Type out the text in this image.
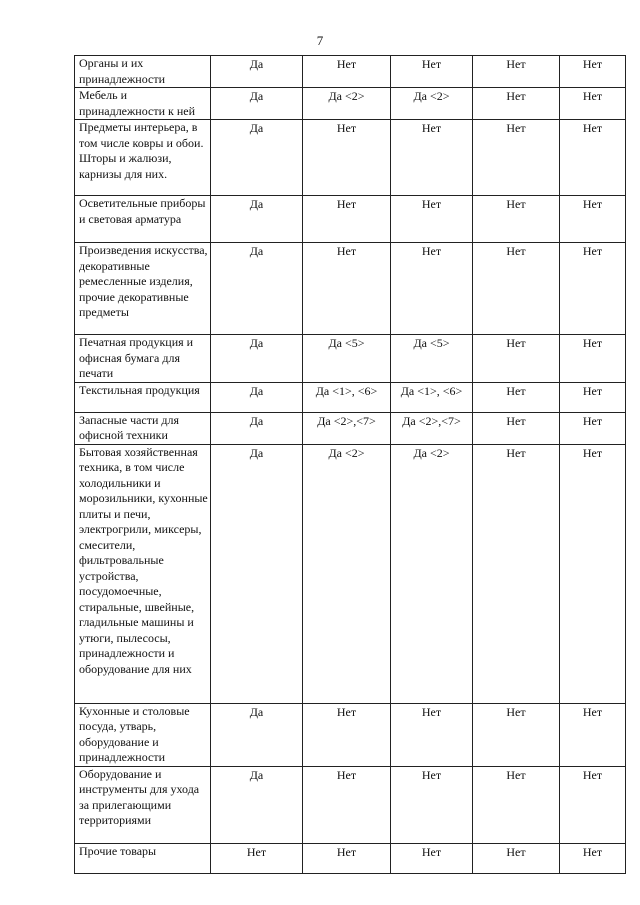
7
Органы и их принадлежности	Да	Нет	Нет	Нет	Нет
Мебель и принадлежности к ней	Да	Да <2>	Да <2>	Нет	Нет
Предметы интерьера, в том числе ковры и обои. Шторы и жалюзи, карнизы для них.	Да	Нет	Нет	Нет	Нет
Осветительные приборы и световая арматура	Да	Нет	Нет	Нет	Нет
Произведения искусства, декоративные ремесленные изделия, прочие декоративные предметы	Да	Нет	Нет	Нет	Нет
Печатная продукция и офисная бумага для печати	Да	Да <5>	Да <5>	Нет	Нет
Текстильная продукция	Да	Да <1>, <6>	Да <1>, <6>	Нет	Нет
Запасные части для офисной техники	Да	Да <2>,<7>	Да <2>,<7>	Нет	Нет
Бытовая хозяйственная техника, в том числе холодильники и морозильники, кухонные плиты и печи, электрогрили, миксеры, смесители, фильтровальные устройства, посудомоечные, стиральные, швейные, гладильные машины и утюги, пылесосы, принадлежности и оборудование для них	Да	Да <2>	Да <2>	Нет	Нет
Кухонные и столовые посуда, утварь, оборудование и принадлежности	Да	Нет	Нет	Нет	Нет
Оборудование и инструменты для ухода за прилегающими территориями	Да	Нет	Нет	Нет	Нет
Прочие товары	Нет	Нет	Нет	Нет	Нет
